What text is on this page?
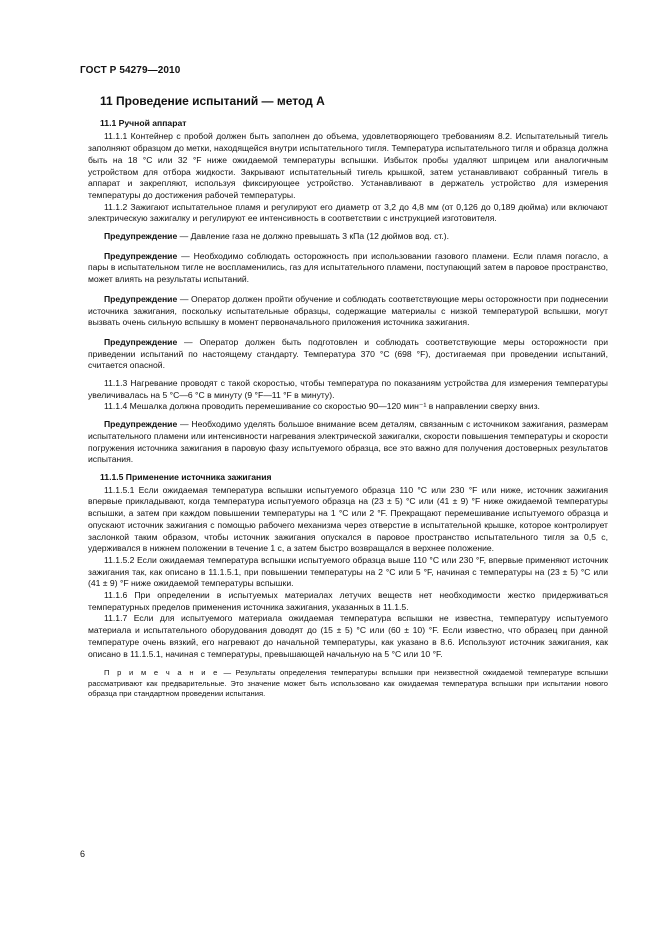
ГОСТ Р 54279—2010
11 Проведение испытаний — метод А
11.1 Ручной аппарат

11.1.1 Контейнер с пробой должен быть заполнен до объема, удовлетворяющего требованиям 8.2. Испытательный тигель заполняют образцом до метки, находящейся внутри испытательного тигля. Температура испытательного тигля и образца должна быть на 18 °С или 32 °F ниже ожидаемой температуры вспышки. Избыток пробы удаляют шприцем или аналогичным устройством для отбора жидкости. Закрывают испытательный тигель крышкой, затем устанавливают собранный тигель в аппарат и закрепляют, используя фиксирующее устройство. Устанавливают в держатель устройство для измерения температуры до достижения рабочей температуры.

11.1.2 Зажигают испытательное пламя и регулируют его диаметр от 3,2 до 4,8 мм (от 0,126 до 0,189 дюйма) или включают электрическую зажигалку и регулируют ее интенсивность в соответствии с инструкцией изготовителя.

Предупреждение — Давление газа не должно превышать 3 кПа (12 дюймов вод. ст.).

Предупреждение — Необходимо соблюдать осторожность при использовании газового пламени. Если пламя погасло, а пары в испытательном тигле не воспламенились, газ для испытательного пламени, поступающий затем в паровое пространство, может влиять на результаты испытаний.

Предупреждение — Оператор должен пройти обучение и соблюдать соответствующие меры осторожности при поднесении источника зажигания, поскольку испытательные образцы, содержащие материалы с низкой температурой вспышки, могут вызвать очень сильную вспышку в момент первоначального приложения источника зажигания.

Предупреждение — Оператор должен быть подготовлен и соблюдать соответствующие меры осторожности при приведении испытаний по настоящему стандарту. Температура 370 °С (698 °F), достигаемая при проведении испытаний, считается опасной.

11.1.3 Нагревание проводят с такой скоростью, чтобы температура по показаниям устройства для измерения температуры увеличивалась на 5 °С—6 °С в минуту (9 °F—11 °F в минуту).

11.1.4 Мешалка должна проводить перемешивание со скоростью 90—120 мин⁻¹ в направлении сверху вниз.

Предупреждение — Необходимо уделять большое внимание всем деталям, связанным с источником зажигания, размерам испытательного пламени или интенсивности нагревания электрической зажигалки, скорости повышения температуры и скорости погружения источника зажигания в паровую фазу испытуемого образца, все это важно для получения достоверных результатов испытания.

11.1.5 Применение источника зажигания

11.1.5.1 Если ожидаемая температура вспышки испытуемого образца 110 °С или 230 °F или ниже, источник зажигания впервые прикладывают, когда температура испытуемого образца на (23 ± 5) °С или (41 ± 9) °F ниже ожидаемой температуры вспышки, а затем при каждом повышении температуры на 1 °С или 2 °F. Прекращают перемешивание испытуемого образца и опускают источник зажигания с помощью рабочего механизма через отверстие в испытательной крышке, которое контролирует заслонкой таким образом, чтобы источник зажигания опускался в паровое пространство испытательного тигля за 0,5 с, удерживался в нижнем положении в течение 1 с, а затем быстро возвращался в верхнее положение.

11.1.5.2 Если ожидаемая температура вспышки испытуемого образца выше 110 °С или 230 °F, впервые применяют источник зажигания так, как описано в 11.1.5.1, при повышении температуры на 2 °С или 5 °F, начиная с температуры на (23 ± 5) °С или (41 ± 9) °F ниже ожидаемой температуры вспышки.

11.1.6 При определении в испытуемых материалах летучих веществ нет необходимости жестко придерживаться температурных пределов применения источника зажигания, указанных в 11.1.5.

11.1.7 Если для испытуемого материала ожидаемая температура вспышки не известна, температуру испытуемого материала и испытательного оборудования доводят до (15 ± 5) °С или (60 ± 10) °F. Если известно, что образец при данной температуре очень вязкий, его нагревают до начальной температуры, как указано в 8.6. Используют источник зажигания, как описано в 11.1.5.1, начиная с температуры, превышающей начальную на 5 °С или 10 °F.

П р и м е ч а н и е — Результаты определения температуры вспышки при неизвестной ожидаемой температуре вспышки рассматривают как предварительные. Это значение может быть использовано как ожидаемая температура вспышки при испытании нового образца при стандартном проведении испытания.
6
